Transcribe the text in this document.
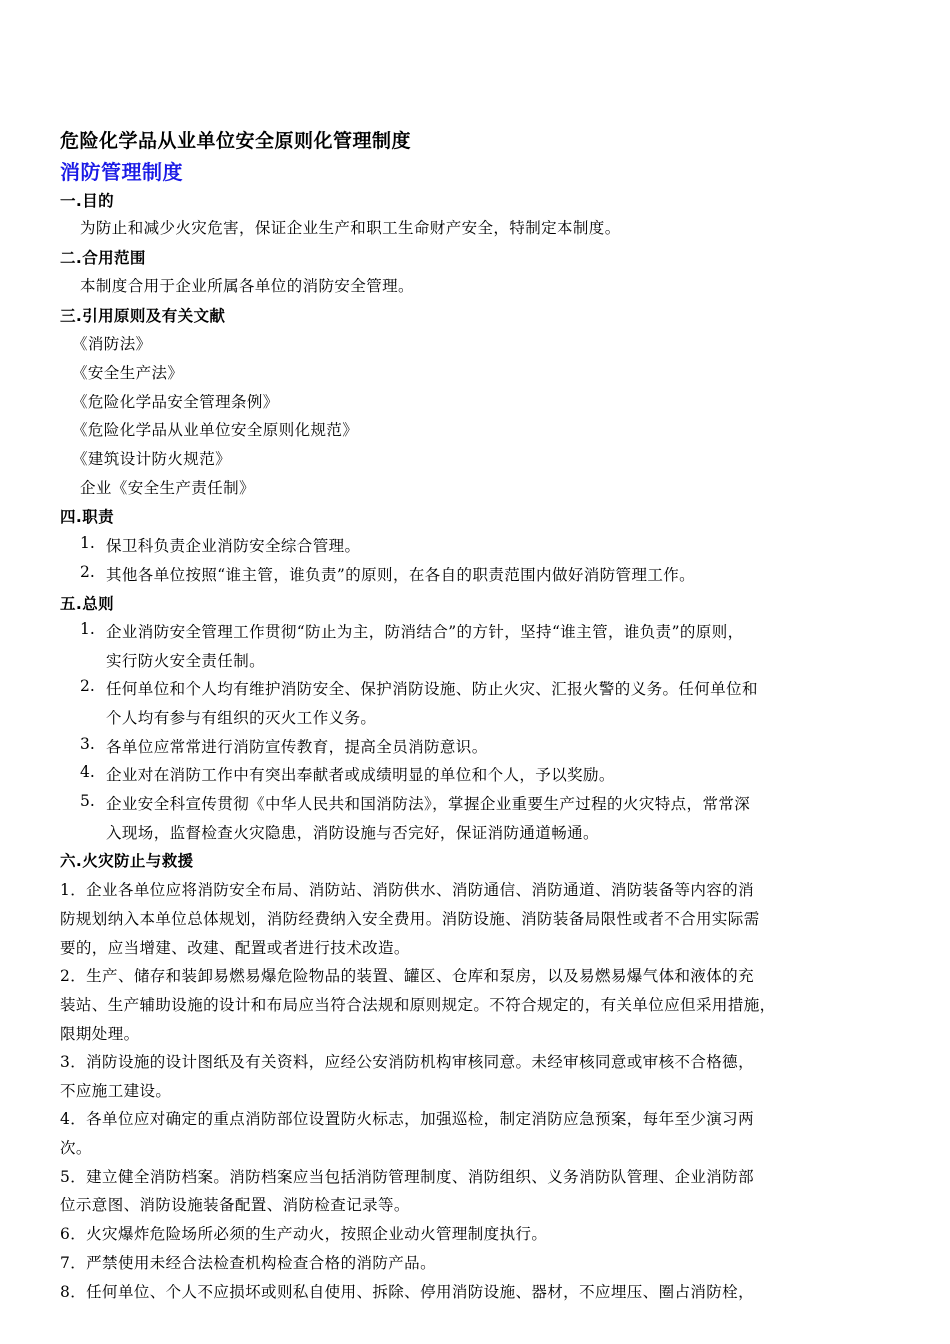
危险化学品从业单位安全原则化管理制度
消防管理制度
一.目的
为防止和减少火灾危害，保证企业生产和职工生命财产安全，特制定本制度。
二.合用范围
本制度合用于企业所属各单位的消防安全管理。
三.引用原则及有关文献
《消防法》
《安全生产法》
《危险化学品安全管理条例》
《危险化学品从业单位安全原则化规范》
《建筑设计防火规范》
企业《安全生产责任制》
四.职责
1. 保卫科负责企业消防安全综合管理。
2. 其他各单位按照“谁主管，谁负责”的原则，在各自的职责范围内做好消防管理工作。
五.总则
1. 企业消防安全管理工作贯彻“防止为主，防消结合”的方针，坚持“谁主管，谁负责”的原则，
实行防火安全责任制。
2. 任何单位和个人均有维护消防安全、保护消防设施、防止火灾、汇报火警的义务。任何单位和
个人均有参与有组织的灭火工作义务。
3. 各单位应常常进行消防宣传教育，提高全员消防意识。
4. 企业对在消防工作中有突出奉献者或成绩明显的单位和个人，予以奖励。
5. 企业安全科宣传贯彻《中华人民共和国消防法》，掌握企业重要生产过程的火灾特点，常常深
入现场，监督检查火灾隐患，消防设施与否完好，保证消防通道畅通。
六.火灾防止与救援
1．企业各单位应将消防安全布局、消防站、消防供水、消防通信、消防通道、消防装备等内容的消
防规划纳入本单位总体规划，消防经费纳入安全费用。消防设施、消防装备局限性或者不合用实际需
要的，应当增建、改建、配置或者进行技术改造。
2．生产、储存和装卸易燃易爆危险物品的装置、罐区、仓库和泵房，以及易燃易爆气体和液体的充
装站、生产辅助设施的设计和布局应当符合法规和原则规定。不符合规定的，有关单位应但采用措施，
限期处理。
3．消防设施的设计图纸及有关资料，应经公安消防机构审核同意。未经审核同意或审核不合格德，
不应施工建设。
4．各单位应对确定的重点消防部位设置防火标志，加强巡检，制定消防应急预案，每年至少演习两
次。
5．建立健全消防档案。消防档案应当包括消防管理制度、消防组织、义务消防队管理、企业消防部
位示意图、消防设施装备配置、消防检查记录等。
6．火灾爆炸危险场所必须的生产动火，按照企业动火管理制度执行。
7．严禁使用未经合法检查机构检查合格的消防产品。
8．任何单位、个人不应损坏或则私自使用、拆除、停用消防设施、器材，不应埋压、圈占消防栓，
